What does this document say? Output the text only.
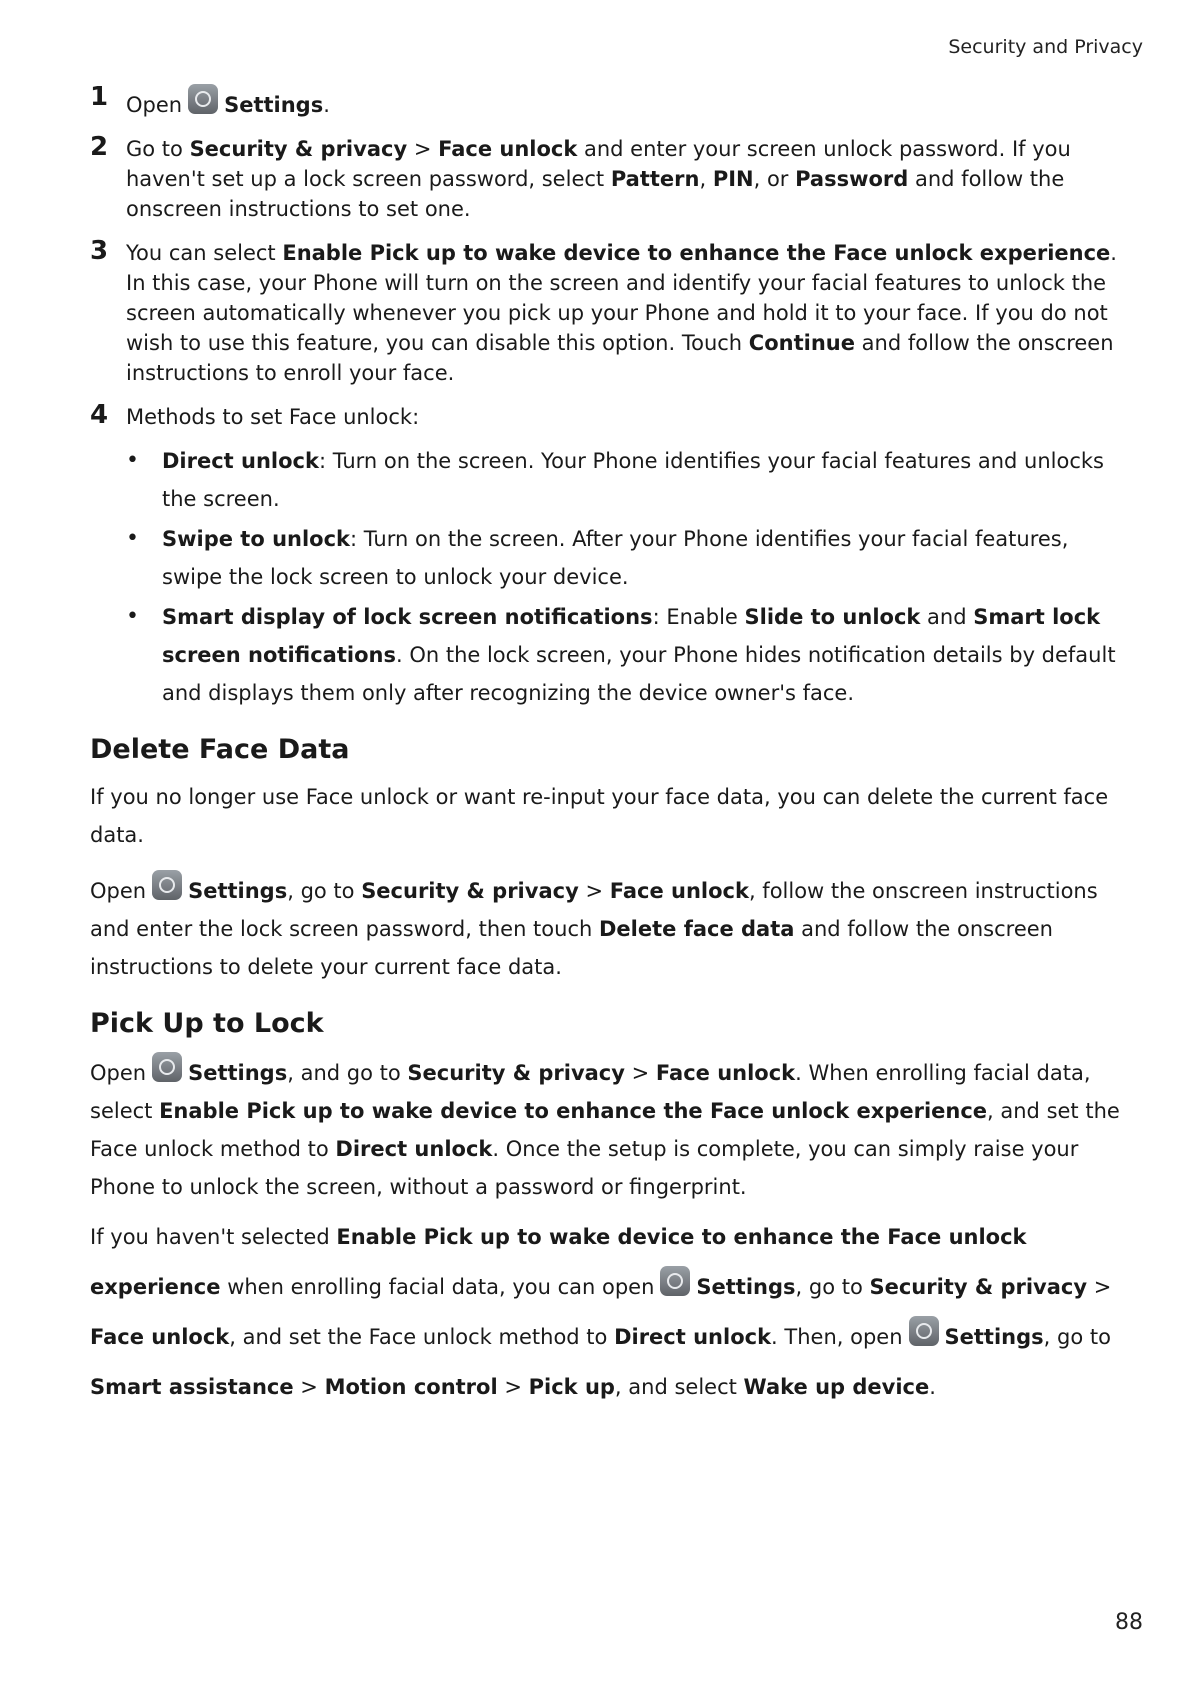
Security and Privacy
1 Open Settings.
2 Go to Security & privacy > Face unlock and enter your screen unlock password. If you haven't set up a lock screen password, select Pattern, PIN, or Password and follow the onscreen instructions to set one.
3 You can select Enable Pick up to wake device to enhance the Face unlock experience. In this case, your Phone will turn on the screen and identify your facial features to unlock the screen automatically whenever you pick up your Phone and hold it to your face. If you do not wish to use this feature, you can disable this option. Touch Continue and follow the onscreen instructions to enroll your face.
4 Methods to set Face unlock:
• Direct unlock: Turn on the screen. Your Phone identifies your facial features and unlocks the screen.
• Swipe to unlock: Turn on the screen. After your Phone identifies your facial features, swipe the lock screen to unlock your device.
• Smart display of lock screen notifications: Enable Slide to unlock and Smart lock screen notifications. On the lock screen, your Phone hides notification details by default and displays them only after recognizing the device owner's face.
Delete Face Data
If you no longer use Face unlock or want re-input your face data, you can delete the current face data.
Open Settings, go to Security & privacy > Face unlock, follow the onscreen instructions and enter the lock screen password, then touch Delete face data and follow the onscreen instructions to delete your current face data.
Pick Up to Lock
Open Settings, and go to Security & privacy > Face unlock. When enrolling facial data, select Enable Pick up to wake device to enhance the Face unlock experience, and set the Face unlock method to Direct unlock. Once the setup is complete, you can simply raise your Phone to unlock the screen, without a password or fingerprint.
If you haven't selected Enable Pick up to wake device to enhance the Face unlock experience when enrolling facial data, you can open Settings, go to Security & privacy > Face unlock, and set the Face unlock method to Direct unlock. Then, open Settings, go to Smart assistance > Motion control > Pick up, and select Wake up device.
88
